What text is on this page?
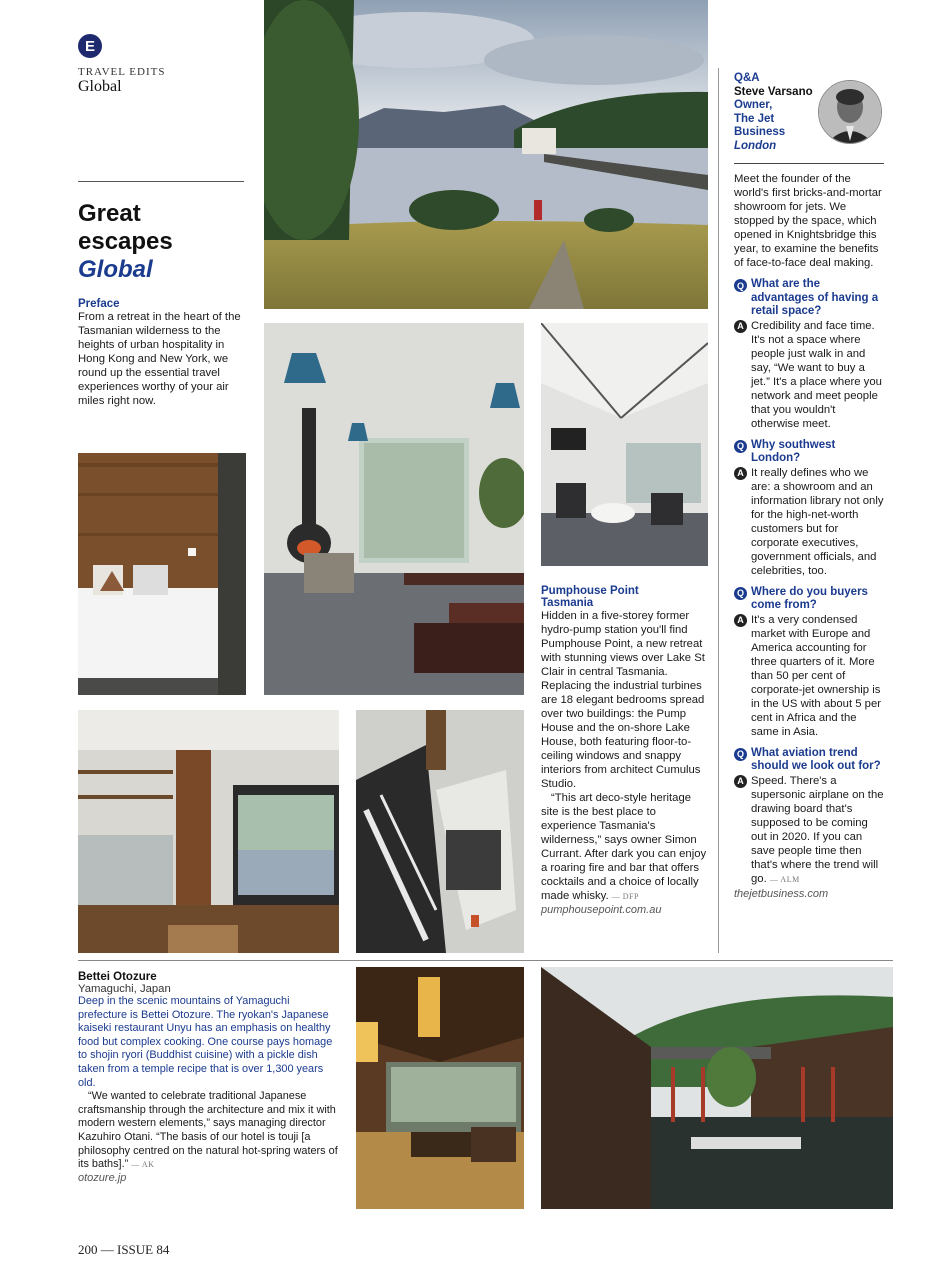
E
TRAVEL EDITS
Global
Great
escapes
Global
Preface
From a retreat in the heart of the Tasmanian wilderness to the heights of urban hospitality in Hong Kong and New York, we round up the essential travel experiences worthy of your air miles right now.
Pumphouse Point
Tasmania

Hidden in a five-storey former hydro-pump station you'll find Pumphouse Point, a new retreat with stunning views over Lake St Clair in central Tasmania. Replacing the industrial turbines are 18 elegant bedrooms spread over two buildings: the Pump House and the on-shore Lake House, both featuring floor-to-ceiling windows and snappy interiors from architect Cumulus Studio.

“This art deco-style heritage site is the best place to experience Tasmania's wilderness,” says owner Simon Currant. After dark you can enjoy a roaring fire and bar that offers cocktails and a choice of locally made whisky. — DFP

pumphousepoint.com.au
Q&A
Steve Varsano
Owner,
The Jet
Business
London
Meet the founder of the world's first bricks-and-mortar showroom for jets. We stopped by the space, which opened in Knightsbridge this year, to examine the benefits of face-to-face deal making.
Q What are the advantages of having a retail space?
A Credibility and face time. It's not a space where people just walk in and say, “We want to buy a jet.” It's a place where you network and meet people that you wouldn't otherwise meet.
Q Why southwest London?
A It really defines who we are: a showroom and an information library not only for the high-net-worth customers but for corporate executives, government officials, and celebrities, too.
Q Where do you buyers come from?
A It's a very condensed market with Europe and America accounting for three quarters of it. More than 50 per cent of corporate-jet ownership is in the US with about 5 per cent in Africa and the same in Asia.
Q What aviation trend should we look out for?
A Speed. There's a supersonic airplane on the drawing board that's supposed to be coming out in 2020. If you can save people time then that's where the trend will go. — ALM
thejetbusiness.com
Bettei Otozure
Yamaguchi, Japan

Deep in the scenic mountains of Yamaguchi prefecture is Bettei Otozure. The ryokan's Japanese kaiseki restaurant Unyu has an emphasis on healthy food but complex cooking. One course pays homage to shojin ryori (Buddhist cuisine) with a pickle dish taken from a temple recipe that is over 1,300 years old.

“We wanted to celebrate traditional Japanese craftsmanship through the architecture and mix it with modern western elements,” says managing director Kazuhiro Otani. “The basis of our hotel is touji [a philosophy centred on the natural hot-spring waters of its baths].” — AK

otozure.jp
200 — ISSUE 84
